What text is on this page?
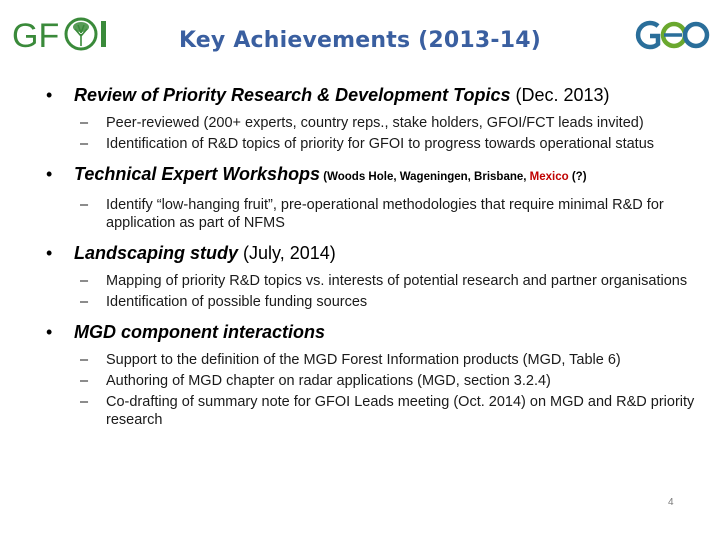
GF	Key Achievements (2013-14)
• Review of Priority Research & Development Topics (Dec. 2013)
– Peer-reviewed (200+ experts, country reps., stake holders, GFOI/FCT leads invited)
– Identification of R&D topics of priority for GFOI to progress towards operational status
• Technical Expert Workshops (Woods Hole, Wageningen, Brisbane, Mexico (?)
– Identify “low-hanging fruit”, pre-operational methodologies that require minimal R&D for application as part of NFMS
• Landscaping study (July, 2014)
– Mapping of priority R&D topics vs. interests of potential research and partner organisations
– Identification of possible funding sources
• MGD component interactions
– Support to the definition of the MGD Forest Information products (MGD, Table 6)
– Authoring of MGD chapter on radar applications (MGD, section 3.2.4)
– Co-drafting of summary note for GFOI Leads meeting (Oct. 2014) on MGD and R&D priority research
4
